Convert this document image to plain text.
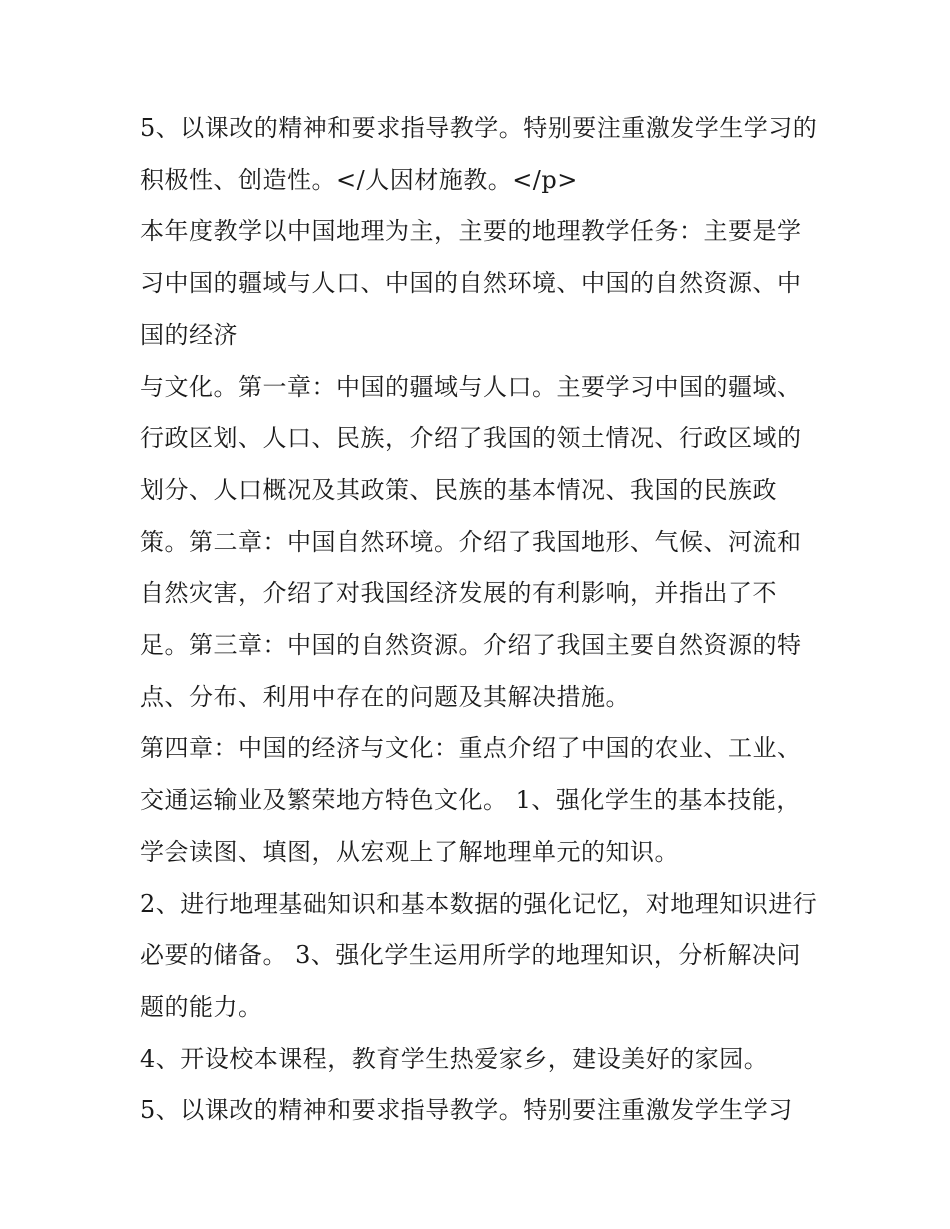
5、以课改的精神和要求指导教学。特别要注重激发学生学习的积极性、创造性。</人因材施教。</p>

本年度教学以中国地理为主，主要的地理教学任务：主要是学习中国的疆域与人口、中国的自然环境、中国的自然资源、中国的经济

与文化。第一章：中国的疆域与人口。主要学习中国的疆域、行政区划、人口、民族，介绍了我国的领土情况、行政区域的划分、人口概况及其政策、民族的基本情况、我国的民族政策。第二章：中国自然环境。介绍了我国地形、气候、河流和自然灾害，介绍了对我国经济发展的有利影响，并指出了不足。第三章：中国的自然资源。介绍了我国主要自然资源的特点、分布、利用中存在的问题及其解决措施。

第四章：中国的经济与文化：重点介绍了中国的农业、工业、交通运输业及繁荣地方特色文化。 1、强化学生的基本技能，学会读图、填图，从宏观上了解地理单元的知识。

2、进行地理基础知识和基本数据的强化记忆，对地理知识进行必要的储备。 3、强化学生运用所学的地理知识，分析解决问题的能力。

4、开设校本课程，教育学生热爱家乡，建设美好的家园。

5、以课改的精神和要求指导教学。特别要注重激发学生学习
